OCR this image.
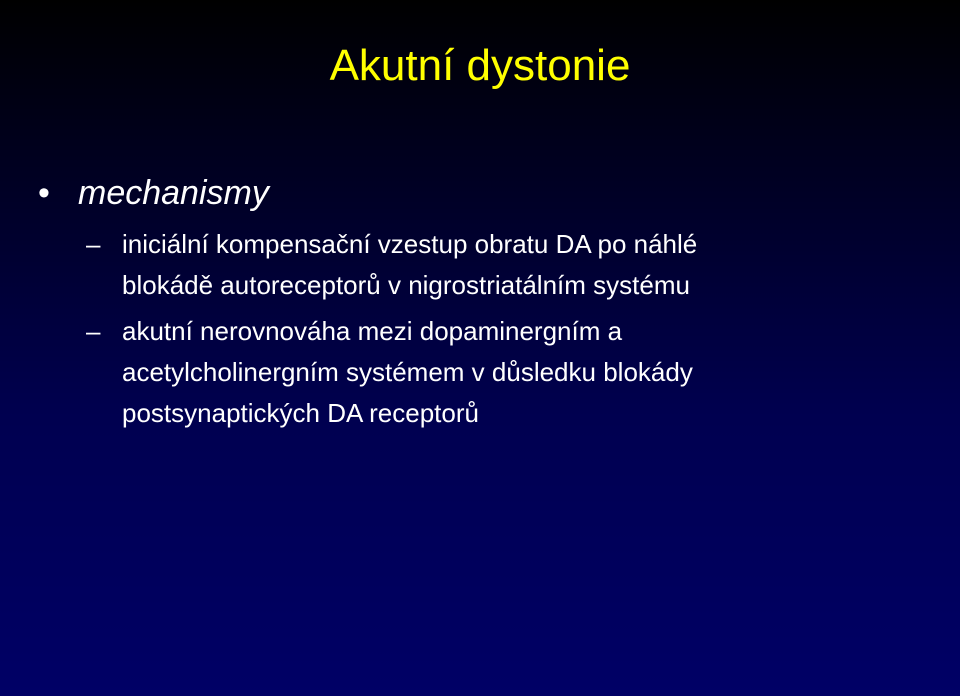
Akutní dystonie
• mechanismy
– iniciální kompensační vzestup obratu DA po náhlé
blokádě autoreceptorů v nigrostriatálním systému
– akutní nerovnováha mezi dopaminergním a
acetylcholinergním systémem v důsledku blokády
postsynaptických DA receptorů
